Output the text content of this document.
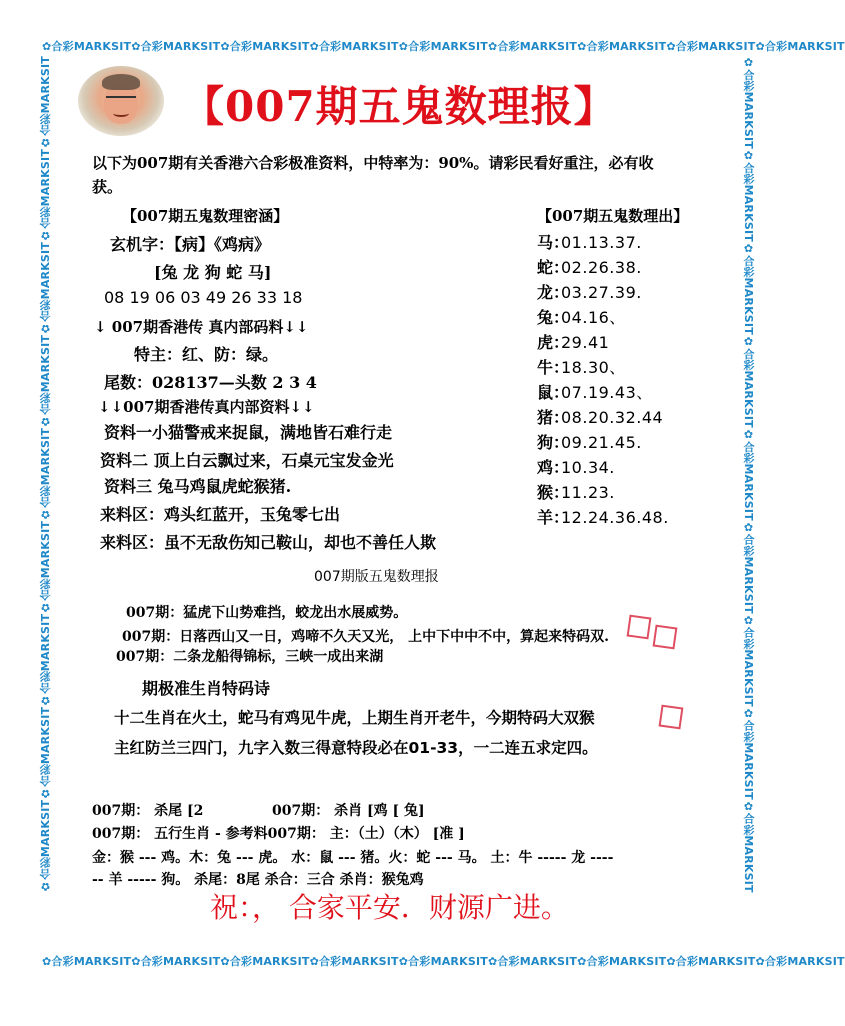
✿合彩MARKSIT✿合彩MARKSIT✿合彩MARKSIT✿合彩MARKSIT✿合彩MARKSIT✿合彩MARKSIT✿合彩MARKSIT✿合彩MARKSIT✿合彩MARKSIT
✿合彩MARKSIT✿合彩MARKSIT✿合彩MARKSIT✿合彩MARKSIT✿合彩MARKSIT✿合彩MARKSIT✿合彩MARKSIT✿合彩MARKSIT✿合彩MARKSIT
✿合彩MARKSIT✿合彩MARKSIT✿合彩MARKSIT✿合彩MARKSIT✿合彩MARKSIT✿合彩MARKSIT✿合彩MARKSIT✿合彩MARKSIT✿合彩MARKSIT	✿合彩MARKSIT✿合彩MARKSIT✿合彩MARKSIT✿合彩MARKSIT✿合彩MARKSIT✿合彩MARKSIT✿合彩MARKSIT✿合彩MARKSIT✿合彩MARKSIT
【007期五鬼数理报】
以下为007期有关香港六合彩极准资料，中特率为：90%。请彩民看好重注，必有收
获。
【007期五鬼数理密涵】
玄机字：【病】《鸡病》
[兔 龙 狗 蛇 马]
08 19 06 03 49 26 33 18
↓ 007期香港传 真内部码料↓↓
特主：红、防：绿。
尾数：028137—头数 2 3 4
↓↓007期香港传真内部资料↓↓
资料一小猫警戒来捉鼠，满地皆石难行走
资料二 顶上白云飘过来，石桌元宝发金光
资料三 兔马鸡鼠虎蛇猴猪.
来料区：鸡头红蓝开，玉兔零七出
来料区：虽不无敌伤知己鞍山，却也不善任人欺
【007期五鬼数理出】
马：01.13.37.
蛇：02.26.38.
龙：03.27.39.
兔：04.16、
虎：29.41
牛：18.30、
鼠：07.19.43、
猪：08.20.32.44
狗：09.21.45.
鸡：10.34.
猴：11.23.
羊：12.24.36.48.
007期版五鬼数理报
007期：猛虎下山势难挡，蛟龙出水展威势。
007期：日落西山又一日，鸡啼不久天又光， 上中下中中不中，算起来特码双.
007期：二条龙船得锦标，三峡一成出来湖
期极准生肖特码诗
十二生肖在火土，蛇马有鸡见牛虎，上期生肖开老牛，今期特码大双猴
主红防兰三四门，九字入数三得意特段必在01-33，一二连五求定四。
007期： 杀尾 [2	007期： 杀肖 [鸡 [ 兔]
007期： 五行生肖 - 参考料007期： 主：（土）（木） [准 ]
金：猴 --- 鸡。木：兔 --- 虎。 水：鼠 --- 猪。火：蛇 --- 马。 土：牛 ----- 龙 ----
-- 羊 ----- 狗。 杀尾：8尾 杀合：三合 杀肖：猴兔鸡
祝：， 合家平安．财源广进。
